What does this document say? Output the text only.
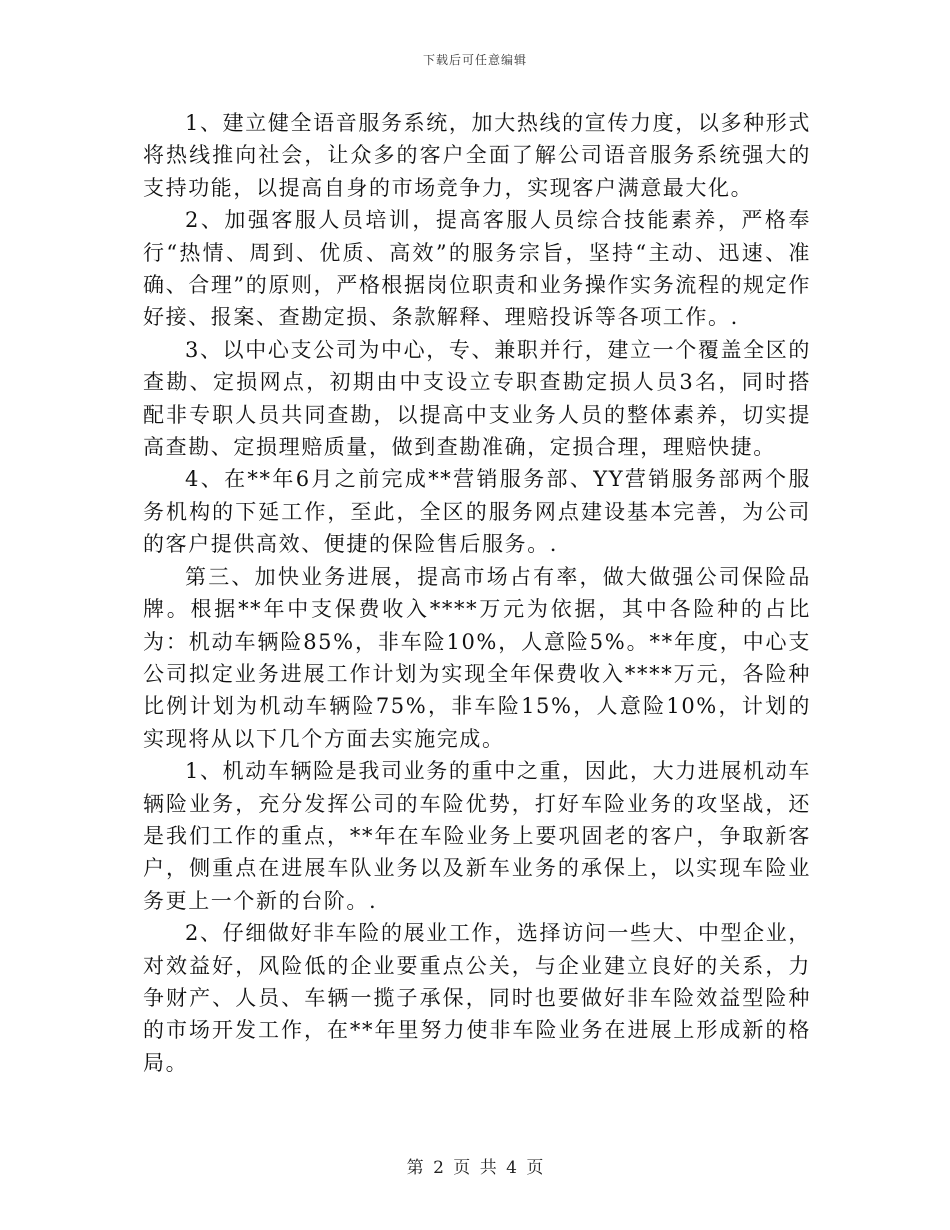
下载后可任意编辑

1、建立健全语音服务系统，加大热线的宣传力度，以多种形式将热线推向社会，让众多的客户全面了解公司语音服务系统强大的支持功能，以提高自身的市场竞争力，实现客户满意最大化。

2、加强客服人员培训，提高客服人员综合技能素养，严格奉行“热情、周到、优质、高效”的服务宗旨，坚持“主动、迅速、准确、合理”的原则，严格根据岗位职责和业务操作实务流程的规定作好接、报案、查勘定损、条款解释、理赔投诉等各项工作。.

3、以中心支公司为中心，专、兼职并行，建立一个覆盖全区的查勘、定损网点，初期由中支设立专职查勘定损人员3名，同时搭配非专职人员共同查勘，以提高中支业务人员的整体素养，切实提高查勘、定损理赔质量，做到查勘准确，定损合理，理赔快捷。

4、在**年6月之前完成**营销服务部、YY营销服务部两个服务机构的下延工作，至此，全区的服务网点建设基本完善，为公司的客户提供高效、便捷的保险售后服务。.

第三、加快业务进展，提高市场占有率，做大做强公司保险品牌。根据**年中支保费收入****万元为依据，其中各险种的占比为：机动车辆险85%，非车险10%，人意险5%。**年度，中心支公司拟定业务进展工作计划为实现全年保费收入****万元，各险种比例计划为机动车辆险75%，非车险15%，人意险10%，计划的实现将从以下几个方面去实施完成。

1、机动车辆险是我司业务的重中之重，因此，大力进展机动车辆险业务，充分发挥公司的车险优势，打好车险业务的攻坚战，还是我们工作的重点，**年在车险业务上要巩固老的客户，争取新客户，侧重点在进展车队业务以及新车业务的承保上，以实现车险业务更上一个新的台阶。.

2、仔细做好非车险的展业工作，选择访问一些大、中型企业，对效益好，风险低的企业要重点公关，与企业建立良好的关系，力争财产、人员、车辆一揽子承保，同时也要做好非车险效益型险种的市场开发工作，在**年里努力使非车险业务在进展上形成新的格局。

第 2 页 共 4 页
